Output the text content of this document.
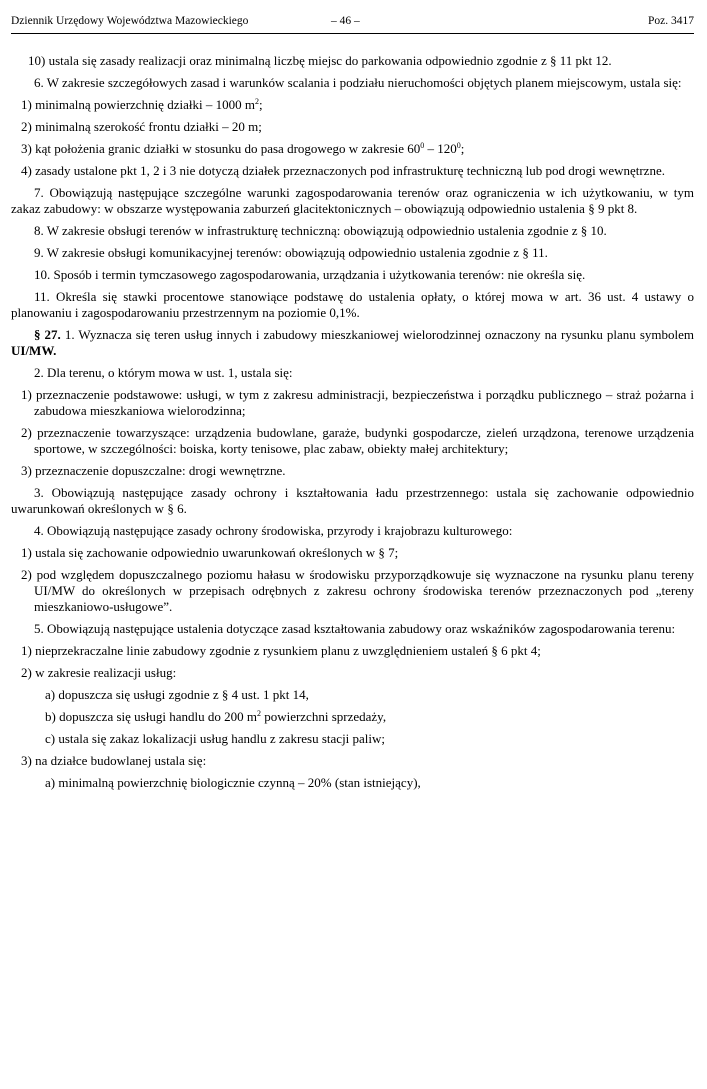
Dziennik Urzędowy Województwa Mazowieckiego	– 46 –	Poz. 3417
10) ustala się zasady realizacji oraz minimalną liczbę miejsc do parkowania odpowiednio zgodnie z § 11 pkt 12.
6. W zakresie szczegółowych zasad i warunków scalania i podziału nieruchomości objętych planem miejscowym, ustala się:
1) minimalną powierzchnię działki – 1000 $m^2$;
2) minimalną szerokość frontu działki – 20 m;
3) kąt położenia granic działki w stosunku do pasa drogowego w zakresie $60^0 - 120^0$;
4) zasady ustalone pkt 1, 2 i 3 nie dotyczą działek przeznaczonych pod infrastrukturę techniczną lub pod drogi wewnętrzne.
7. Obowiązują następujące szczególne warunki zagospodarowania terenów oraz ograniczenia w ich użytkowaniu, w tym zakaz zabudowy: w obszarze występowania zaburzeń glacitektonicznych – obowiązują odpowiednio ustalenia § 9 pkt 8.
8. W zakresie obsługi terenów w infrastrukturę techniczną: obowiązują odpowiednio ustalenia zgodnie z § 10.
9. W zakresie obsługi komunikacyjnej terenów: obowiązują odpowiednio ustalenia zgodnie z § 11.
10. Sposób i termin tymczasowego zagospodarowania, urządzania i użytkowania terenów: nie określa się.
11. Określa się stawki procentowe stanowiące podstawę do ustalenia opłaty, o której mowa w art. 36 ust. 4 ustawy o planowaniu i zagospodarowaniu przestrzennym na poziomie 0,1%.
§ 27. 1. Wyznacza się teren usług innych i zabudowy mieszkaniowej wielorodzinnej oznaczony na rysunku planu symbolem UI/MW.
2. Dla terenu, o którym mowa w ust. 1, ustala się:
1) przeznaczenie podstawowe: usługi, w tym z zakresu administracji, bezpieczeństwa i porządku publicznego – straż pożarna i zabudowa mieszkaniowa wielorodzinna;
2) przeznaczenie towarzyszące: urządzenia budowlane, garaże, budynki gospodarcze, zieleń urządzona, terenowe urządzenia sportowe, w szczególności: boiska, korty tenisowe, plac zabaw, obiekty małej architektury;
3) przeznaczenie dopuszczalne: drogi wewnętrzne.
3. Obowiązują następujące zasady ochrony i kształtowania ładu przestrzennego: ustala się zachowanie odpowiednio uwarunkowań określonych w § 6.
4. Obowiązują następujące zasady ochrony środowiska, przyrody i krajobrazu kulturowego:
1) ustala się zachowanie odpowiednio uwarunkowań określonych w § 7;
2) pod względem dopuszczalnego poziomu hałasu w środowisku przyporządkowuje się wyznaczone na rysunku planu tereny UI/MW do określonych w przepisach odrębnych z zakresu ochrony środowiska terenów przeznaczonych pod „tereny mieszkaniowo-usługowe”.
5. Obowiązują następujące ustalenia dotyczące zasad kształtowania zabudowy oraz wskaźników zagospodarowania terenu:
1) nieprzekraczalne linie zabudowy zgodnie z rysunkiem planu z uwzględnieniem ustaleń § 6 pkt 4;
2) w zakresie realizacji usług:
a) dopuszcza się usługi zgodnie z § 4 ust. 1 pkt 14,
b) dopuszcza się usługi handlu do 200 $m^2$ powierzchni sprzedaży,
c) ustala się zakaz lokalizacji usług handlu z zakresu stacji paliw;
3) na działce budowlanej ustala się:
a) minimalną powierzchnię biologicznie czynną – 20% (stan istniejący),
